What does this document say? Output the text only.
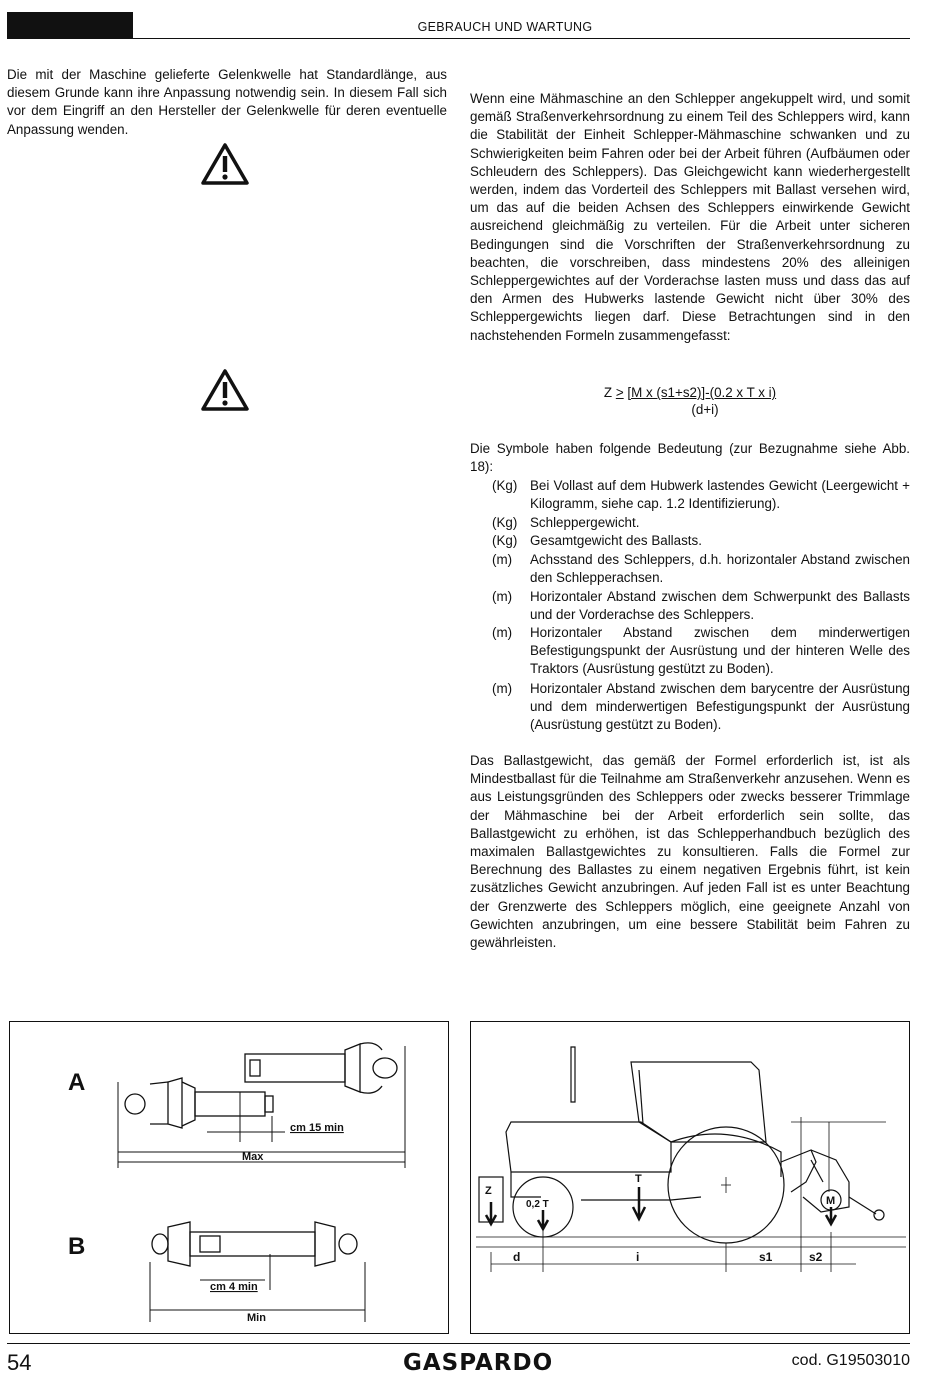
GEBRAUCH UND WARTUNG

Die mit der Maschine gelieferte Gelenkwelle hat Standardlänge, aus diesem Grunde kann ihre Anpassung notwendig sein. In diesem Fall sich vor dem Eingriff an den Hersteller der Gelenkwelle für deren eventuelle Anpassung wenden.

Wenn eine Mähmaschine an den Schlepper angekuppelt wird, und somit gemäß Straßenverkehrsordnung zu einem Teil des Schleppers wird, kann die Stabilität der Einheit Schlepper-Mähmaschine schwanken und zu Schwierigkeiten beim Fahren oder bei der Arbeit führen (Aufbäumen oder Schleudern des Schleppers). Das Gleichgewicht kann wiederhergestellt werden, indem das Vorderteil des Schleppers mit Ballast versehen wird, um das auf die beiden Achsen des Schleppers einwirkende Gewicht ausreichend gleichmäßig zu verteilen. Für die Arbeit unter sicheren Bedingungen sind die Vorschriften der Straßenverkehrsordnung zu beachten, die vorschreiben, dass mindestens 20% des alleinigen Schleppergewichtes auf der Vorderachse lasten muss und dass das auf den Armen des Hubwerks lastende Gewicht nicht über 30% des Schleppergewichts liegen darf. Diese Betrachtungen sind in den nachstehenden Formeln zusammengefasst:

Z > [M x (s1+s2)]-(0.2 x T x i)
(d+i)
Die Symbole haben folgende Bedeutung (zur Bezugnahme siehe Abb. 18):
(Kg) Bei Vollast auf dem Hubwerk lastendes Gewicht (Leergewicht + Kilogramm, siehe cap. 1.2 Identifizierung).
(Kg) Schleppergewicht.
(Kg) Gesamtgewicht des Ballasts.
(m) Achsstand des Schleppers, d.h. horizontaler Abstand zwischen den Schlepperachsen.
(m) Horizontaler Abstand zwischen dem Schwerpunkt des Ballasts und der Vorderachse des Schleppers.
(m) Horizontaler Abstand zwischen dem minderwertigen Befestigungspunkt der Ausrüstung und der hinteren Welle des Traktors (Ausrüstung gestützt zu Boden).
(m) Horizontaler Abstand zwischen dem barycentre der Ausrüstung und dem minderwertigen Befestigungspunkt der Ausrüstung (Ausrüstung gestützt zu Boden).
Das Ballastgewicht, das gemäß der Formel erforderlich ist, ist als Mindestballast für die Teilnahme am Straßenverkehr anzusehen. Wenn es aus Leistungsgründen des Schleppers oder zwecks besserer Trimmlage der Mähmaschine bei der Arbeit erforderlich sein sollte, das Ballastgewicht zu erhöhen, ist das Schlepperhandbuch bezüglich des maximalen Ballastgewichtes zu konsultieren. Falls die Formel zur Berechnung des Ballastes zu einem negativen Ergebnis führt, ist kein zusätzliches Gewicht anzubringen. Auf jeden Fall ist es unter Beachtung der Grenzwerte des Schleppers möglich, eine geeignete Anzahl von Gewichten anzubringen, um eine bessere Stabilität beim Fahren zu gewährleisten.
A
cm 15 min
Max
B
cm 4 min
Min
Z
0,2 T
T
M
d	i	s1	s2
54	GASPARDO	cod. G19503010
